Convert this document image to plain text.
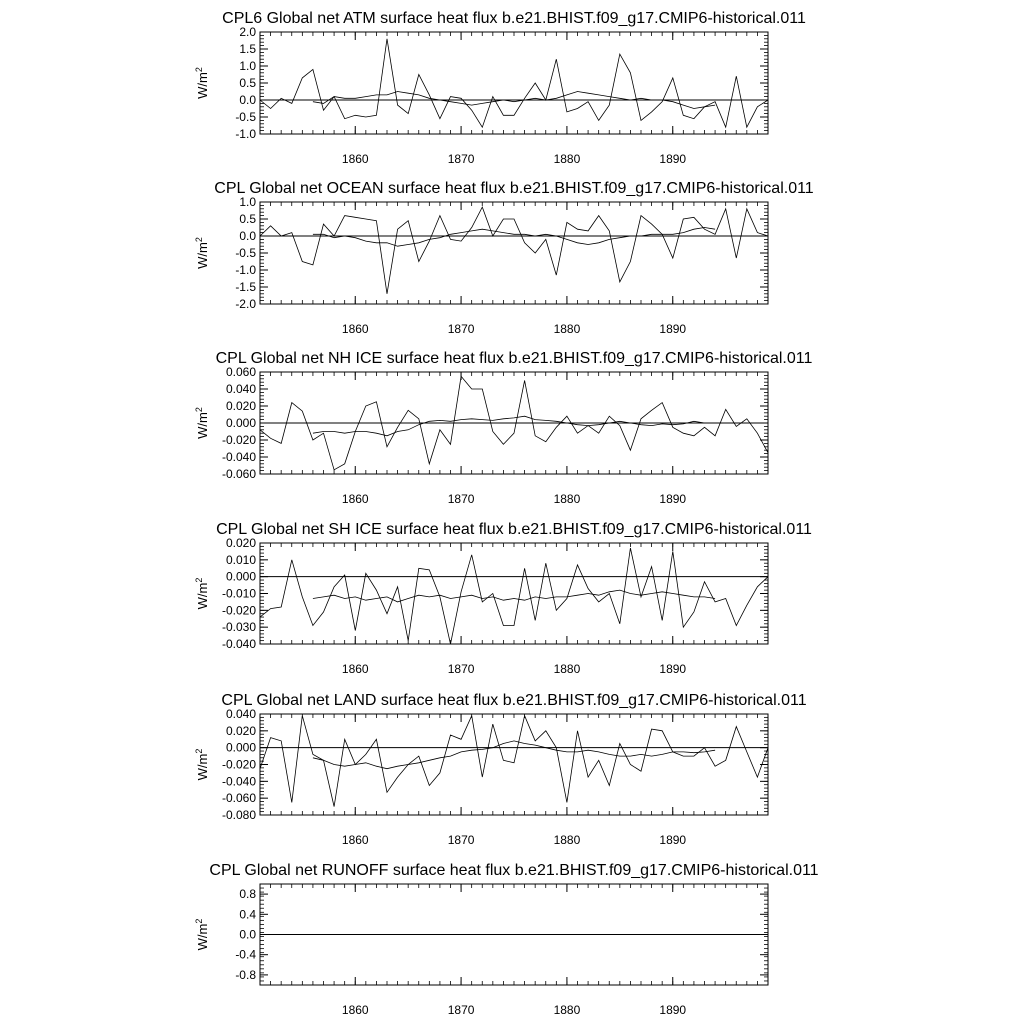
CPL6 Global net ATM surface heat flux b.e21.BHIST.f09_g17.CMIP6-historical.011
$W/m^2$
-1.0
-0.5
0.0
0.5
1.0
1.5
2.0
1860	1870	1880	1890
CPL Global net OCEAN surface heat flux b.e21.BHIST.f09_g17.CMIP6-historical.011
$W/m^2$
-2.0
-1.5
-1.0
-0.5
0.0
0.5
1.0
1860	1870	1880	1890
CPL Global net NH ICE surface heat flux b.e21.BHIST.f09_g17.CMIP6-historical.011
$W/m^2$
-0.060
-0.040
-0.020
0.000
0.020
0.040
0.060
1860	1870	1880	1890
CPL Global net SH ICE surface heat flux b.e21.BHIST.f09_g17.CMIP6-historical.011
$W/m^2$
-0.040
-0.030
-0.020
-0.010
0.000
0.010
0.020
1860	1870	1880	1890
CPL Global net LAND surface heat flux b.e21.BHIST.f09_g17.CMIP6-historical.011
$W/m^2$
-0.080
-0.060
-0.040
-0.020
0.000
0.020
0.040
1860	1870	1880	1890
CPL Global net RUNOFF surface heat flux b.e21.BHIST.f09_g17.CMIP6-historical.011
$W/m^2$
-0.8
-0.4
0.0
0.4
0.8
1860	1870	1880	1890
